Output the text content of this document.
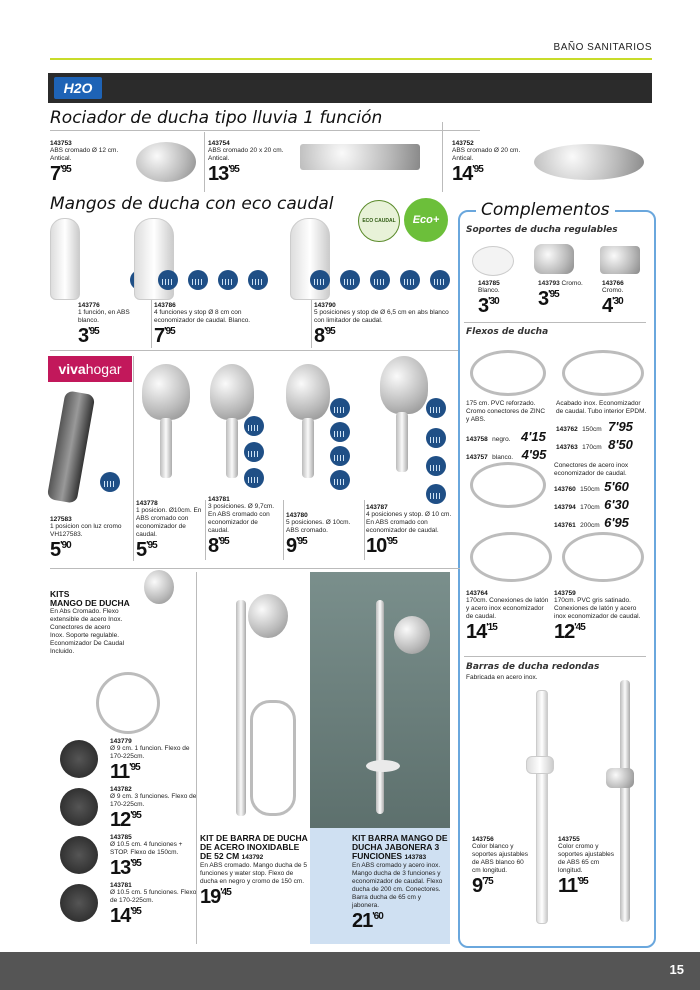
BAÑO SANITARIOS
H2O
Rociador de ducha tipo lluvia 1 función
143753
ABS cromado Ø 12 cm. Antical.
$7^{'95}$
143754
ABS cromado 20 x 20 cm. Antical.
$13^{'95}$
143752
ABS cromado Ø 20 cm. Antical.
$14^{'95}$
Mangos de ducha con eco caudal
ECO CAUDAL	Eco+
143776
1 función, en ABS blanco.
$3^{'95}$
143786
4 funciones y stop Ø 8 cm con economizador de caudal. Blanco.
$7^{'95}$
143790
5 posiciones y stop de Ø 6,5 cm en abs blanco con limitador de caudal.
$8^{'95}$
vivahogar
127583
1 posicion con luz cromo VH127583.
$5^{'90}$
143778
1 posicion. Ø10cm. En ABS cromado con economizador de caudal.
$5^{'95}$
143781
3 posiciones. Ø 9,7cm. En ABS cromado con economizador de caudal.
$8^{'95}$
143780
5 posiciones. Ø 10cm. ABS cromado.
$9^{'95}$
143787
4 posiciones y stop. Ø 10 cm. En ABS cromado con economizador de caudal.
$10^{'95}$
Complementos
Soportes de ducha regulables
143785
Blanco.
$3^{'30}$
143793 Cromo.
$3^{'95}$
143766
Cromo.
$4^{'30}$
Flexos de ducha
175 cm. PVC reforzado. Cromo conectores de ZINC y ABS.
143758 negro. 4'15
143757 blanco. 4'95
Acabado inox. Economizador de caudal. Tubo interior EPDM.
143762 150cm 7'95
143763 170cm 8'50
Conectores de acero inox economizador de caudal.
143760 150cm 5'60
143794 170cm 6'30
143761 200cm 6'95
143764
170cm. Conexiones de latón y acero inox economizador de caudal.
$14^{'15}$
143759
170cm. PVC gris satinado. Conexiones de latón y acero inox economizador de caudal.
$12^{'45}$
Barras de ducha redondas
Fabricada en acero inox.
143756
Color blanco y soportes ajustables de ABS blanco 60 cm longitud.
$9^{'75}$
143755
Color cromo y soportes ajustables de ABS 65 cm longitud.
$11^{'95}$
KITS
MANGO DE DUCHA
En Abs Cromado. Flexo extensible de acero Inox. Conectores de acero Inox. Soporte regulable. Economizador De Caudal Incluido.
143779
Ø 9 cm. 1 funcion. Flexo de 170-225cm.
$11^{'95}$
143782
Ø 9 cm. 3 funciones. Flexo de 170-225cm.
$12^{'95}$
143785
Ø 10.5 cm. 4 funciones + STOP. Flexo de 150cm.
$13^{'95}$
143781
Ø 10.5 cm. 5 funciones. Flexo de 170-225cm.
$14^{'95}$
KIT DE BARRA DE DUCHA DE ACERO INOXIDABLE DE 52 CM 143792
En ABS cromado. Mango ducha de 5 funciones y water stop. Flexo de ducha en negro y cromo de 150 cm.
$19^{'45}$
KIT BARRA MANGO DE DUCHA JABONERA 3 FUNCIONES 143783
En ABS cromado y acero inox. Mango ducha de 3 funciones y economizador de caudal. Flexo ducha de 200 cm. Conectores. Barra ducha de 65 cm y jabonera.
$21^{'60}$
15
